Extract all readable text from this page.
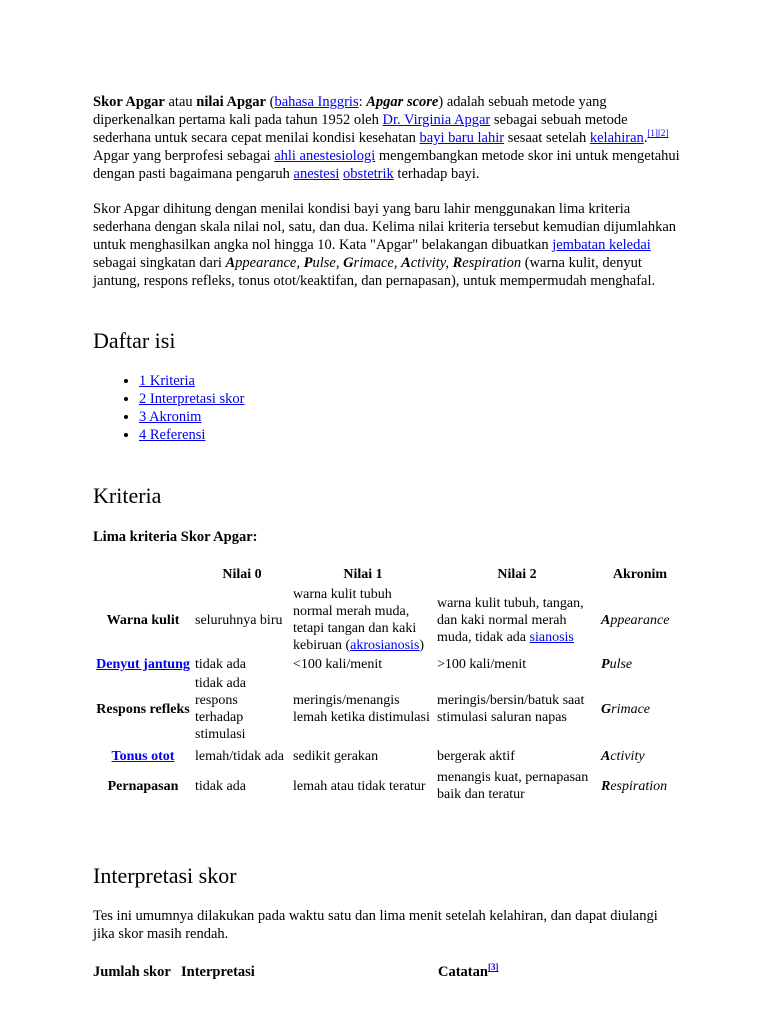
Skor Apgar atau nilai Apgar (bahasa Inggris: Apgar score) adalah sebuah metode yang diperkenalkan pertama kali pada tahun 1952 oleh Dr. Virginia Apgar sebagai sebuah metode sederhana untuk secara cepat menilai kondisi kesehatan bayi baru lahir sesaat setelah kelahiran.[1][2] Apgar yang berprofesi sebagai ahli anestesiologi mengembangkan metode skor ini untuk mengetahui dengan pasti bagaimana pengaruh anestesi obstetrik terhadap bayi.

Skor Apgar dihitung dengan menilai kondisi bayi yang baru lahir menggunakan lima kriteria sederhana dengan skala nilai nol, satu, dan dua. Kelima nilai kriteria tersebut kemudian dijumlahkan untuk menghasilkan angka nol hingga 10. Kata "Apgar" belakangan dibuatkan jembatan keledai sebagai singkatan dari Appearance, Pulse, Grimace, Activity, Respiration (warna kulit, denyut jantung, respons refleks, tonus otot/keaktifan, dan pernapasan), untuk mempermudah menghafal.

Daftar isi
• 1 Kriteria
• 2 Interpretasi skor
• 3 Akronim
• 4 Referensi
Kriteria

Lima kriteria Skor Apgar:

	Nilai 0	Nilai 1	Nilai 2	Akronim
Warna kulit	seluruhnya biru	warna kulit tubuh normal merah muda, tetapi tangan dan kaki kebiruan (akrosianosis)	warna kulit tubuh, tangan, dan kaki normal merah muda, tidak ada sianosis	Appearance
Denyut jantung	tidak ada	<100 kali/menit	>100 kali/menit	Pulse
Respons refleks	tidak ada respons terhadap stimulasi	meringis/menangis lemah ketika distimulasi	meringis/bersin/batuk saat stimulasi saluran napas	Grimace
Tonus otot	lemah/tidak ada	sedikit gerakan	bergerak aktif	Activity
Pernapasan	tidak ada	lemah atau tidak teratur	menangis kuat, pernapasan baik dan teratur	Respiration
Interpretasi skor

Tes ini umumnya dilakukan pada waktu satu dan lima menit setelah kelahiran, dan dapat diulangi jika skor masih rendah.

Jumlah skor Interpretasi	Catatan[3]
